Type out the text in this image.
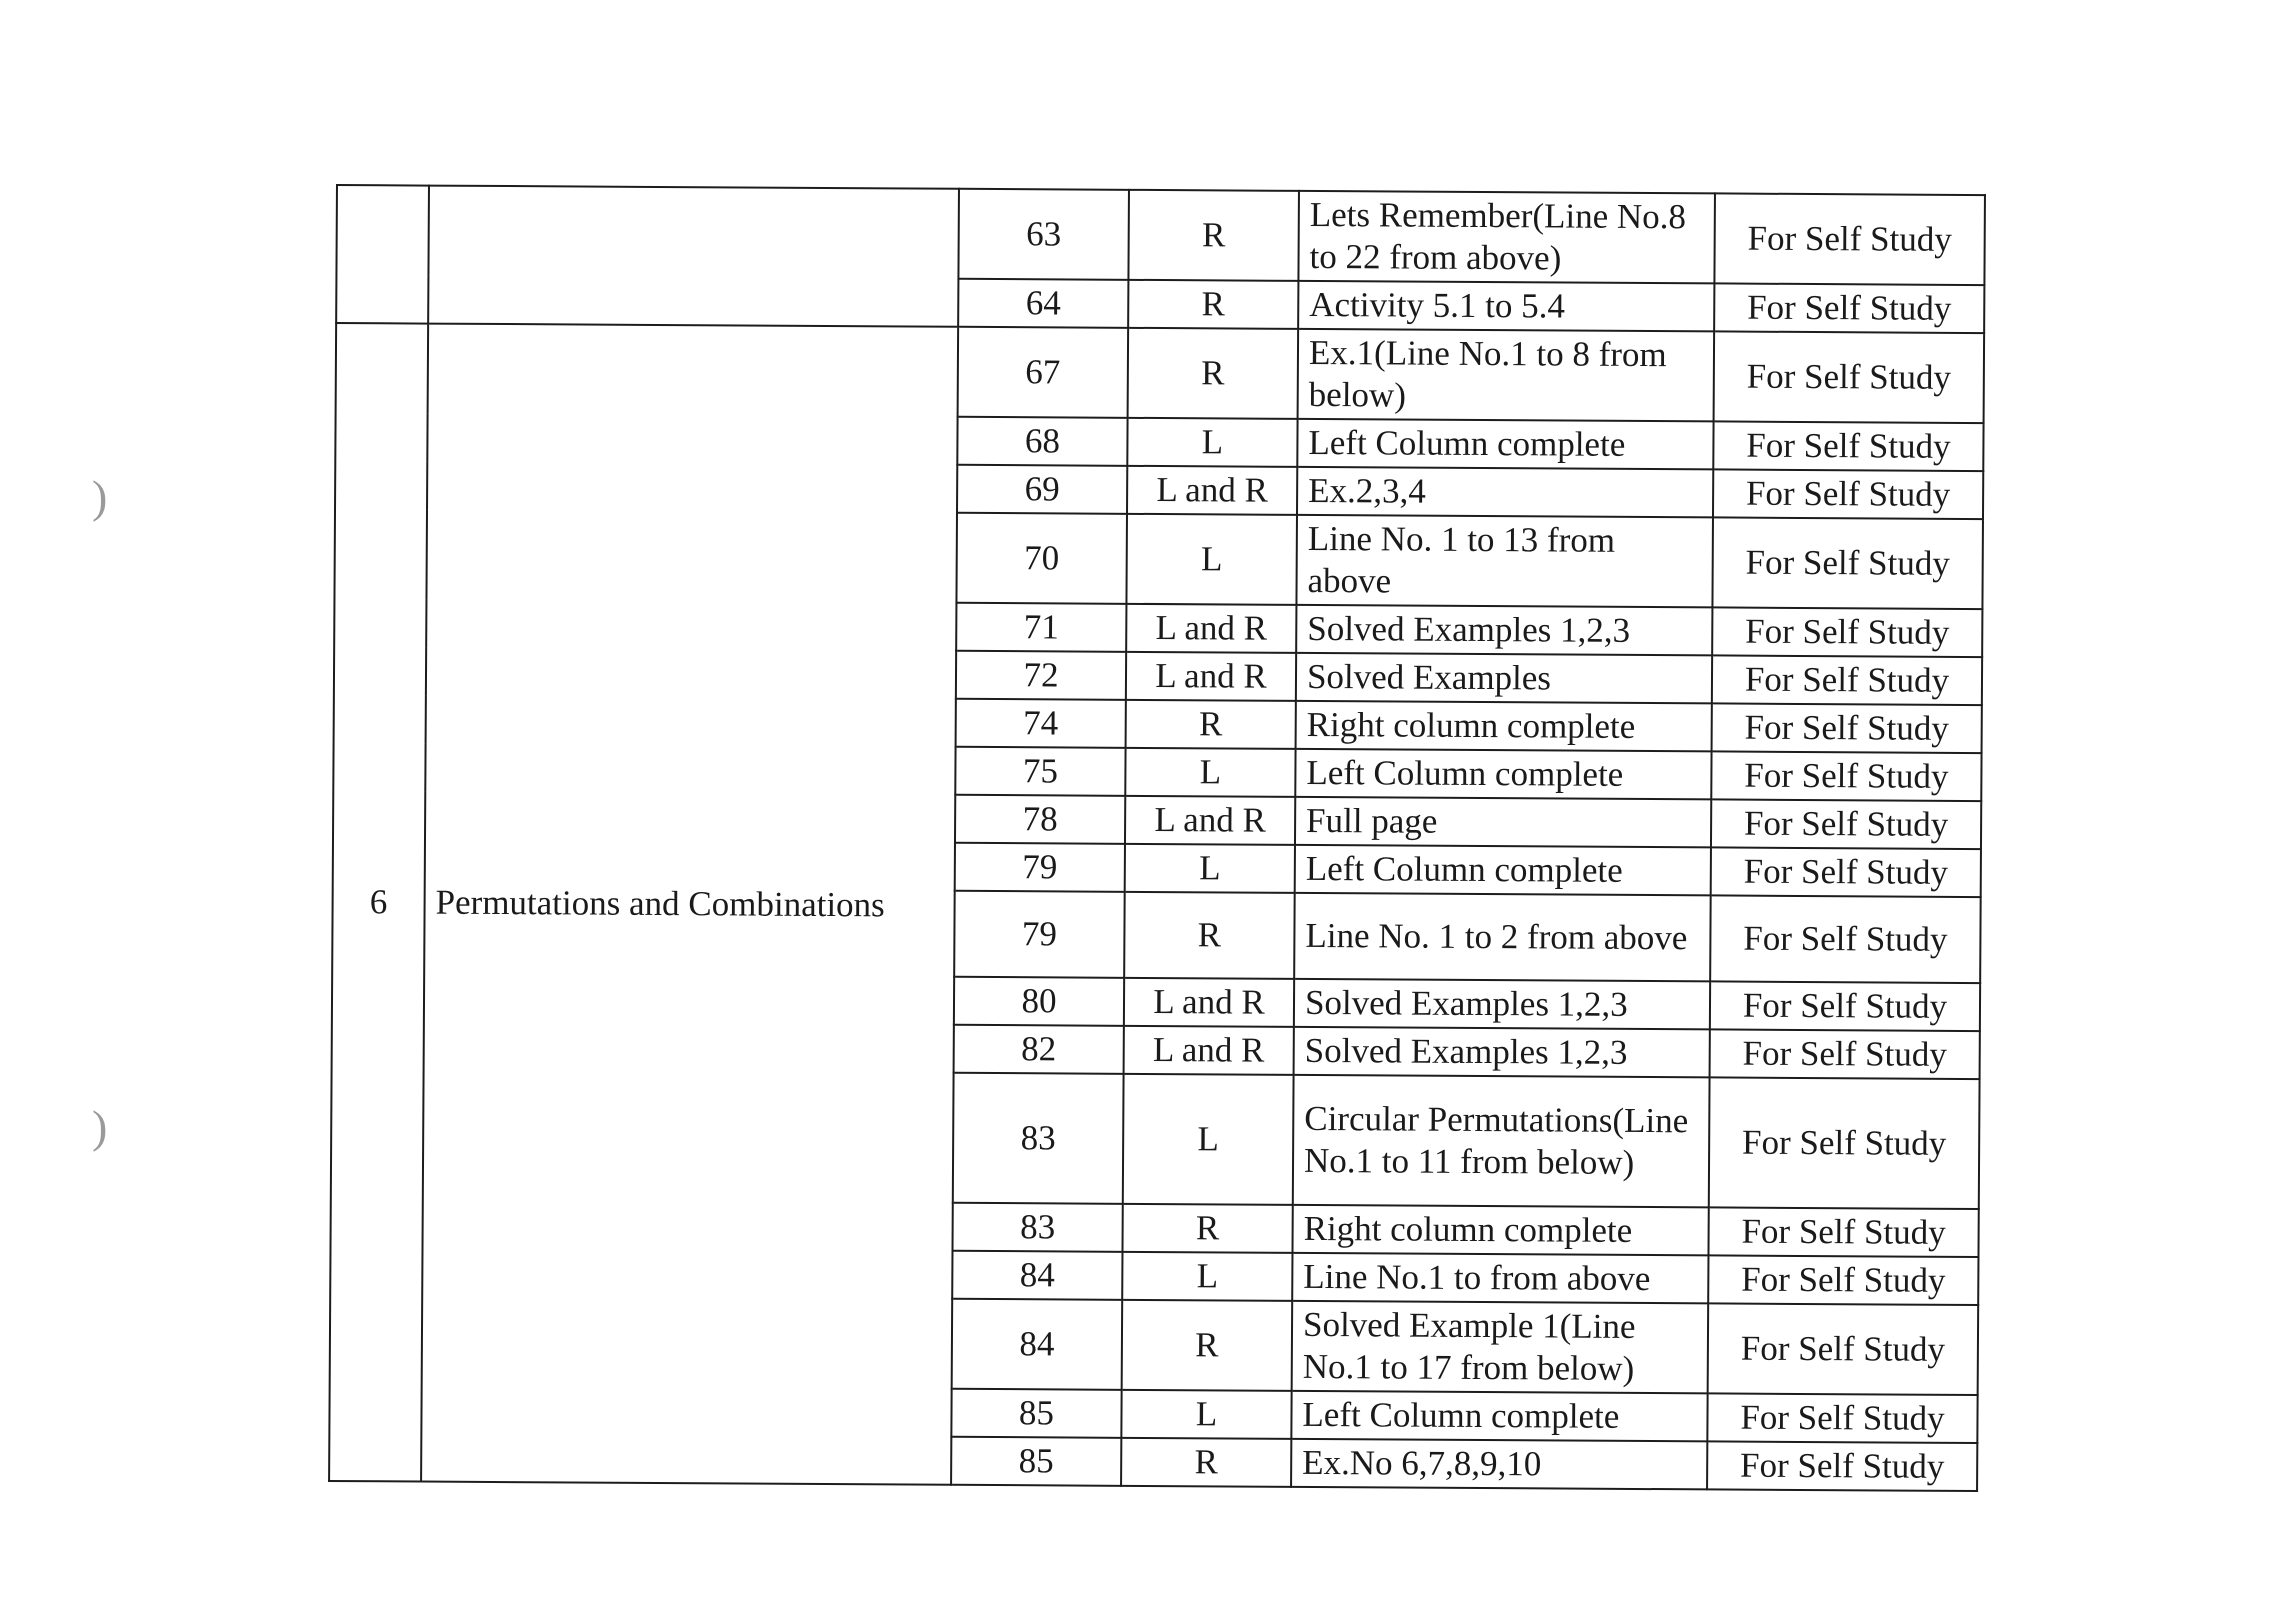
)
)
		63	R	Lets Remember(Line No.8 to 22 from above)	For Self Study
		64	R	Activity 5.1 to 5.4	For Self Study
6	Permutations and Combinations	67	R	Ex.1(Line No.1 to 8 from below)	For Self Study
		68	L	Left Column complete	For Self Study
		69	L and R	Ex.2,3,4	For Self Study
		70	L	Line No. 1 to 13 from above	For Self Study
		71	L and R	Solved Examples 1,2,3	For Self Study
		72	L and R	Solved Examples	For Self Study
		74	R	Right column complete	For Self Study
		75	L	Left Column complete	For Self Study
		78	L and R	Full page	For Self Study
		79	L	Left Column complete	For Self Study
		79	R	Line No. 1 to 2 from above	For Self Study
		80	L and R	Solved Examples 1,2,3	For Self Study
		82	L and R	Solved Examples 1,2,3	For Self Study
		83	L	Circular Permutations(Line No.1 to 11 from below)	For Self Study
		83	R	Right column complete	For Self Study
		84	L	Line No.1 to from above	For Self Study
		84	R	Solved Example 1(Line No.1 to 17 from below)	For Self Study
		85	L	Left Column complete	For Self Study
		85	R	Ex.No 6,7,8,9,10	For Self Study
